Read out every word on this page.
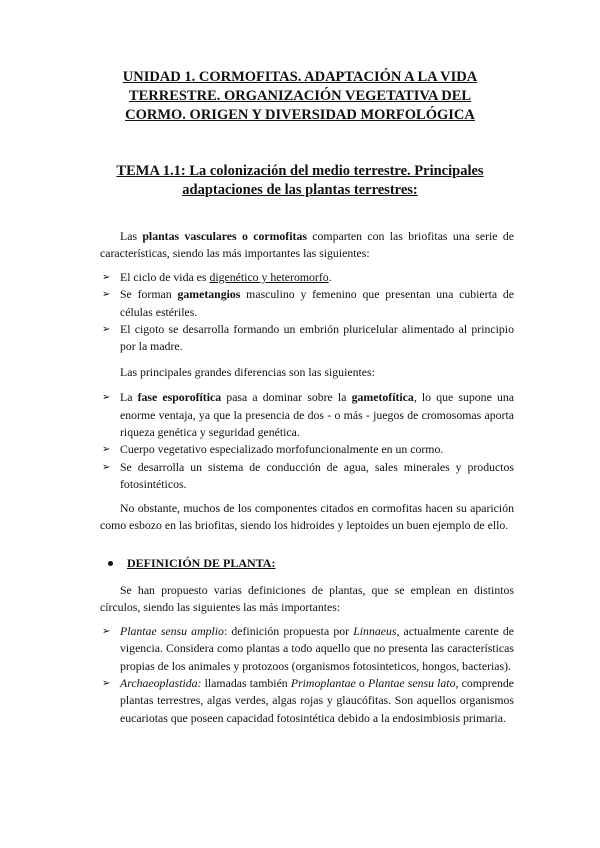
UNIDAD 1. CORMOFITAS. ADAPTACIÓN A LA VIDA TERRESTRE. ORGANIZACIÓN VEGETATIVA DEL CORMO. ORIGEN Y DIVERSIDAD MORFOLÓGICA
TEMA 1.1: La colonización del medio terrestre. Principales adaptaciones de las plantas terrestres:

Las plantas vasculares o cormofitas comparten con las briofitas una serie de características, siendo las más importantes las siguientes:

➢ El ciclo de vida es digenético y heteromorfo.
➢ Se forman gametangios masculino y femenino que presentan una cubierta de células estériles.
➢ El cigoto se desarrolla formando un embrión pluricelular alimentado al principio por la madre.

Las principales grandes diferencias son las siguientes:

➢ La fase esporofítica pasa a dominar sobre la gametofítica, lo que supone una enorme ventaja, ya que la presencia de dos - o más - juegos de cromosomas aporta riqueza genética y seguridad genética.
➢ Cuerpo vegetativo especializado morfofuncionalmente en un cormo.
➢ Se desarrolla un sistema de conducción de agua, sales minerales y productos fotosintéticos.

No obstante, muchos de los componentes citados en cormofitas hacen su aparición como esbozo en las briofitas, siendo los hidroides y leptoides un buen ejemplo de ello.

DEFINICIÓN DE PLANTA:

Se han propuesto varias definiciones de plantas, que se emplean en distintos círculos, siendo las siguientes las más importantes:

➢ Plantae sensu amplio: definición propuesta por Linnaeus, actualmente carente de vigencia. Considera como plantas a todo aquello que no presenta las características propias de los animales y protozoos (organismos fotosinteticos, hongos, bacterias).
➢ Archaeoplastida: llamadas también Primoplantae o Plantae sensu lato, comprende plantas terrestres, algas verdes, algas rojas y glaucófitas. Son aquellos organismos eucariotas que poseen capacidad fotosintética debido a la endosimbiosis primaria.
